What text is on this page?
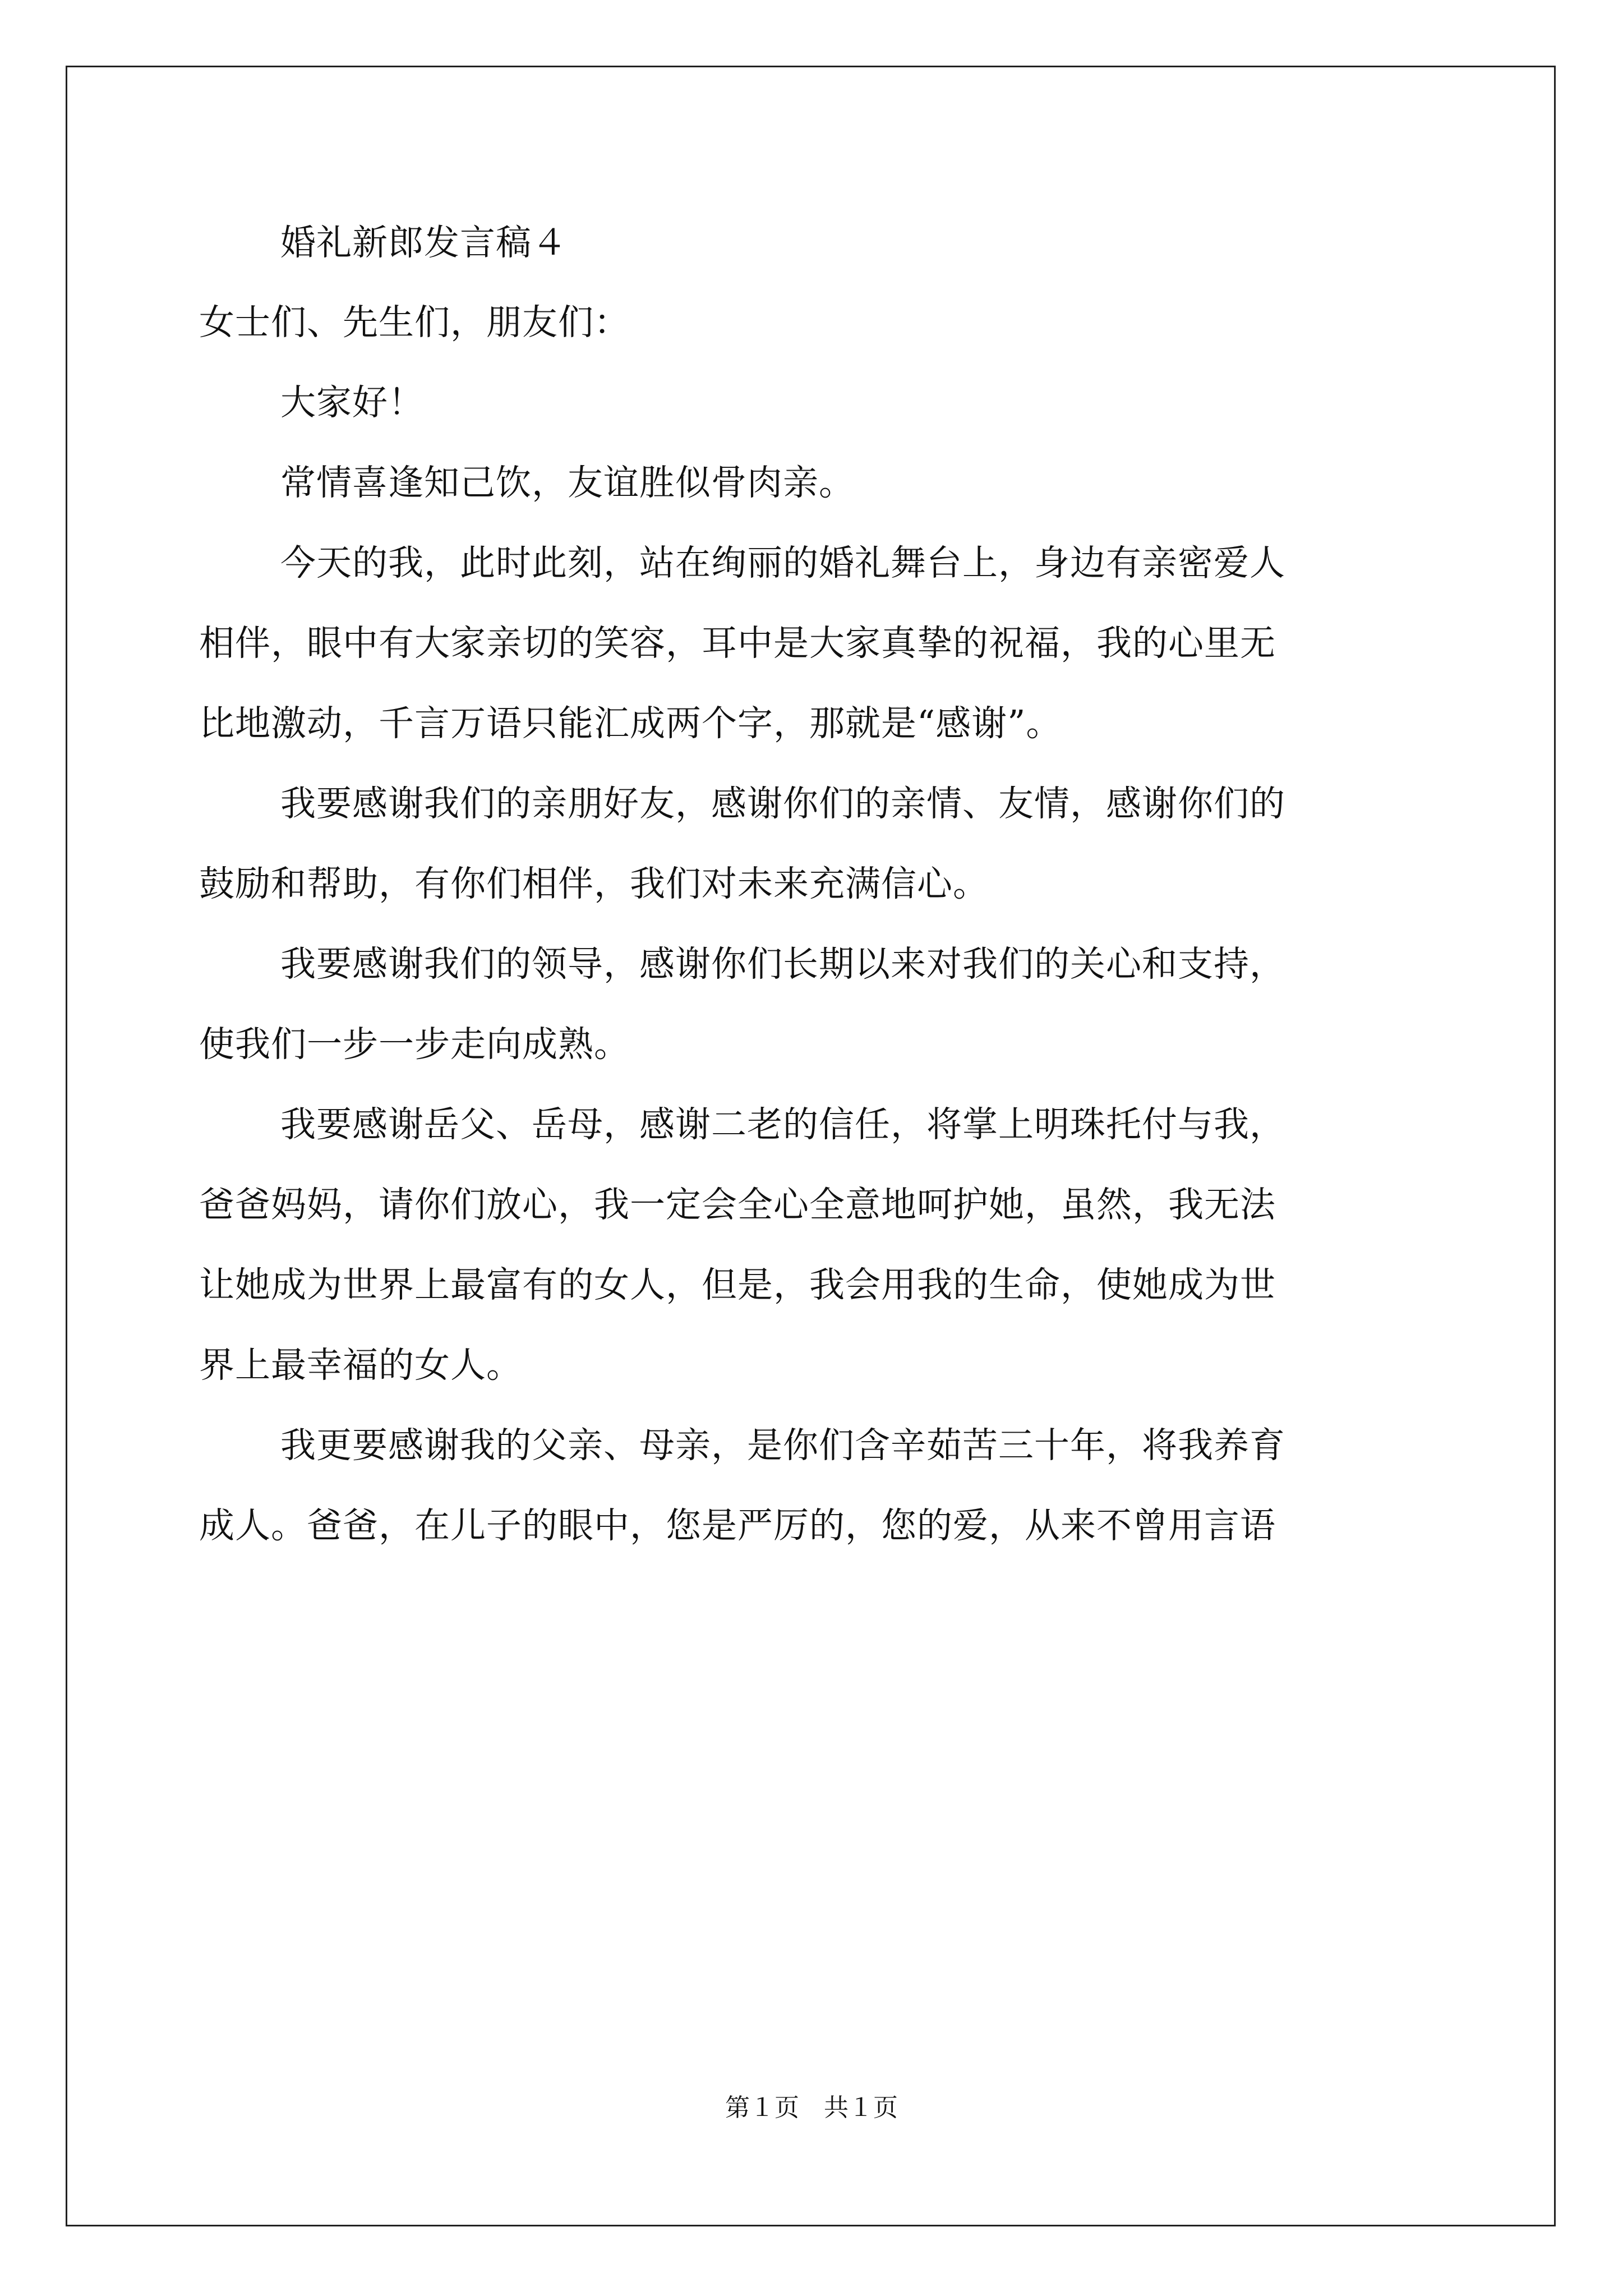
婚礼新郎发言稿４
女士们、先生们，朋友们：
大家好！
常情喜逢知己饮，友谊胜似骨肉亲。
今天的我，此时此刻，站在绚丽的婚礼舞台上，身边有亲密爱人
相伴，眼中有大家亲切的笑容，耳中是大家真挚的祝福，我的心里无
比地激动，千言万语只能汇成两个字，那就是“感谢”。
我要感谢我们的亲朋好友，感谢你们的亲情、友情，感谢你们的
鼓励和帮助，有你们相伴，我们对未来充满信心。
我要感谢我们的领导，感谢你们长期以来对我们的关心和支持，
使我们一步一步走向成熟。
我要感谢岳父、岳母，感谢二老的信任，将掌上明珠托付与我，
爸爸妈妈，请你们放心，我一定会全心全意地呵护她，虽然，我无法
让她成为世界上最富有的女人，但是，我会用我的生命，使她成为世
界上最幸福的女人。
我更要感谢我的父亲、母亲，是你们含辛茹苦三十年，将我养育
成人。爸爸，在儿子的眼中，您是严厉的，您的爱，从来不曾用言语
第１页　共１页
